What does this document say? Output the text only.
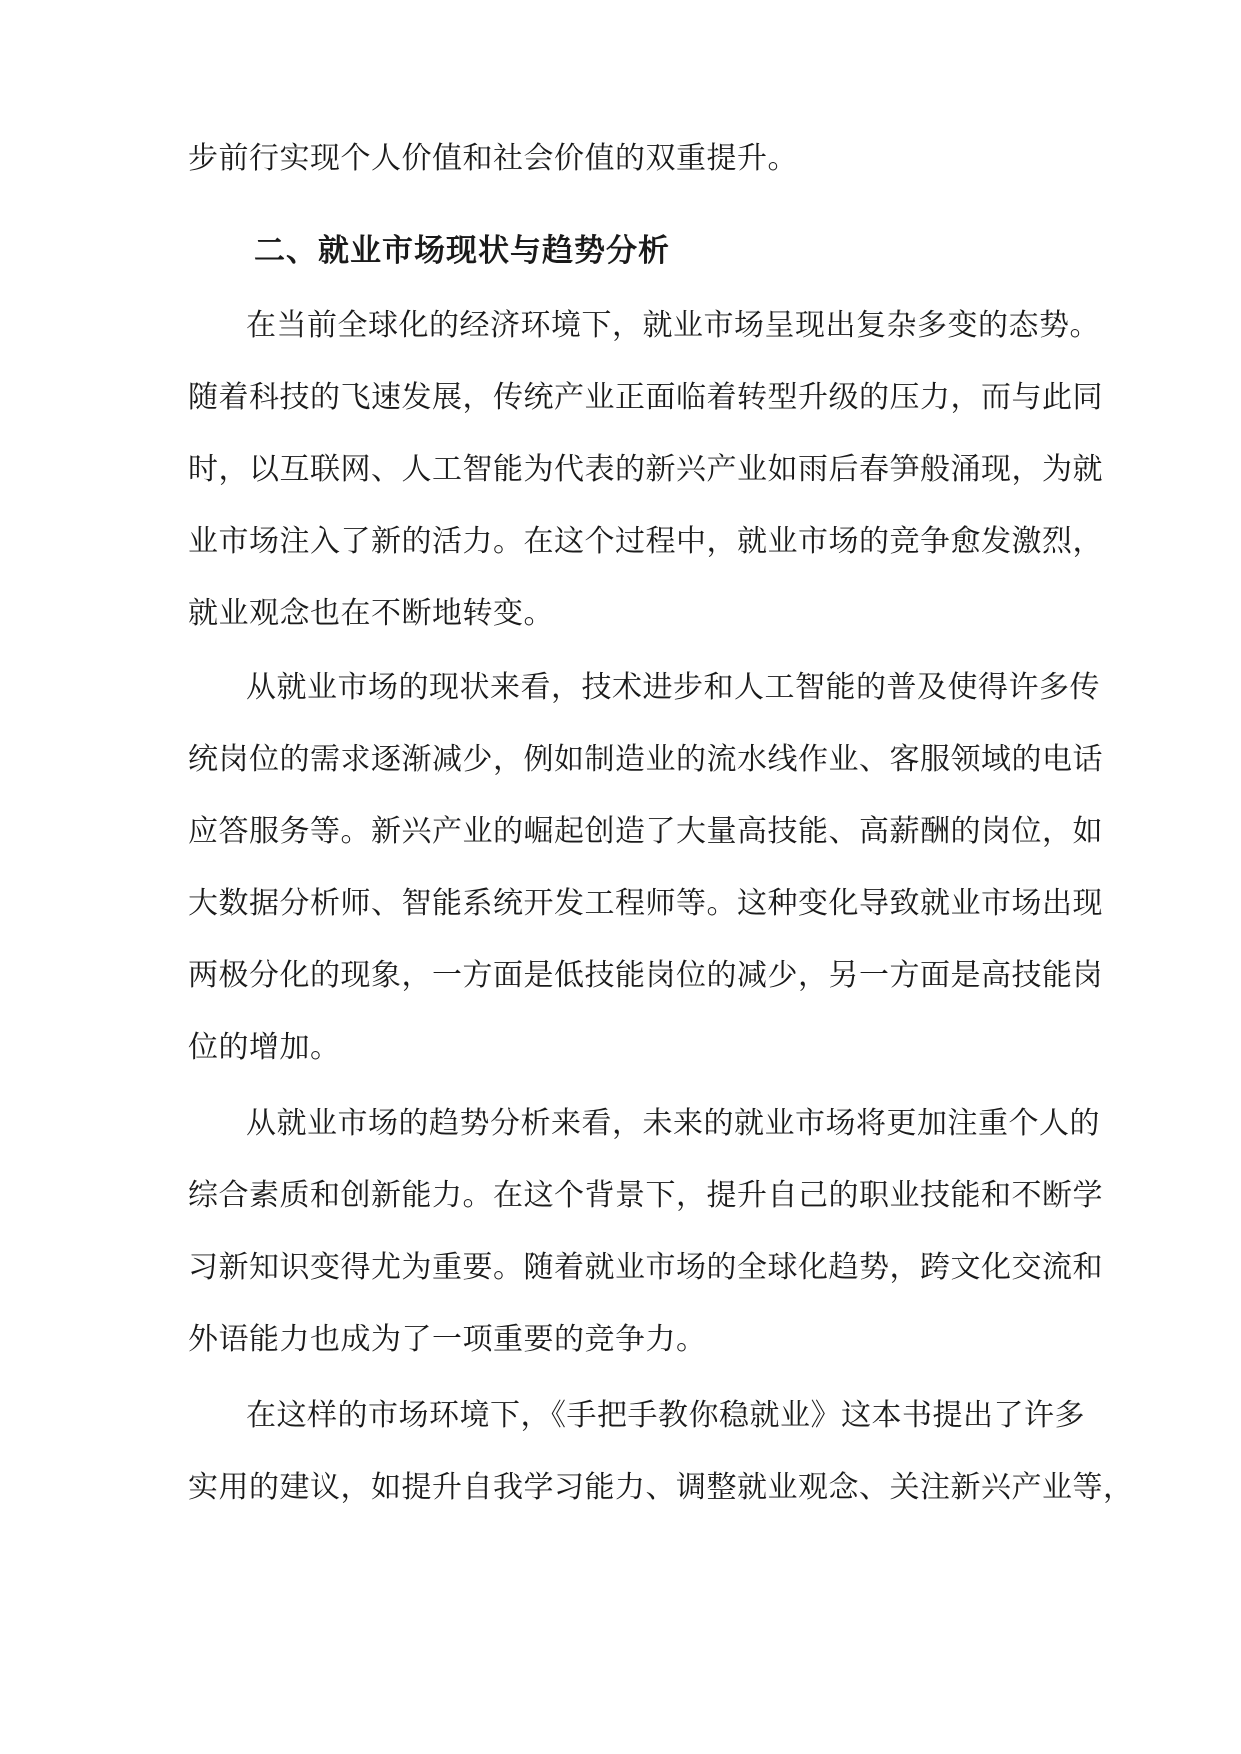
步前行实现个人价值和社会价值的双重提升。
二、就业市场现状与趋势分析
在当前全球化的经济环境下，就业市场呈现出复杂多变的态势。
随着科技的飞速发展，传统产业正面临着转型升级的压力，而与此同
时，以互联网、人工智能为代表的新兴产业如雨后春笋般涌现，为就
业市场注入了新的活力。在这个过程中，就业市场的竞争愈发激烈，
就业观念也在不断地转变。
从就业市场的现状来看，技术进步和人工智能的普及使得许多传
统岗位的需求逐渐减少，例如制造业的流水线作业、客服领域的电话
应答服务等。新兴产业的崛起创造了大量高技能、高薪酬的岗位，如
大数据分析师、智能系统开发工程师等。这种变化导致就业市场出现
两极分化的现象，一方面是低技能岗位的减少，另一方面是高技能岗
位的增加。
从就业市场的趋势分析来看，未来的就业市场将更加注重个人的
综合素质和创新能力。在这个背景下，提升自己的职业技能和不断学
习新知识变得尤为重要。随着就业市场的全球化趋势，跨文化交流和
外语能力也成为了一项重要的竞争力。
在这样的市场环境下，《手把手教你稳就业》这本书提出了许多
实用的建议，如提升自我学习能力、调整就业观念、关注新兴产业等，
